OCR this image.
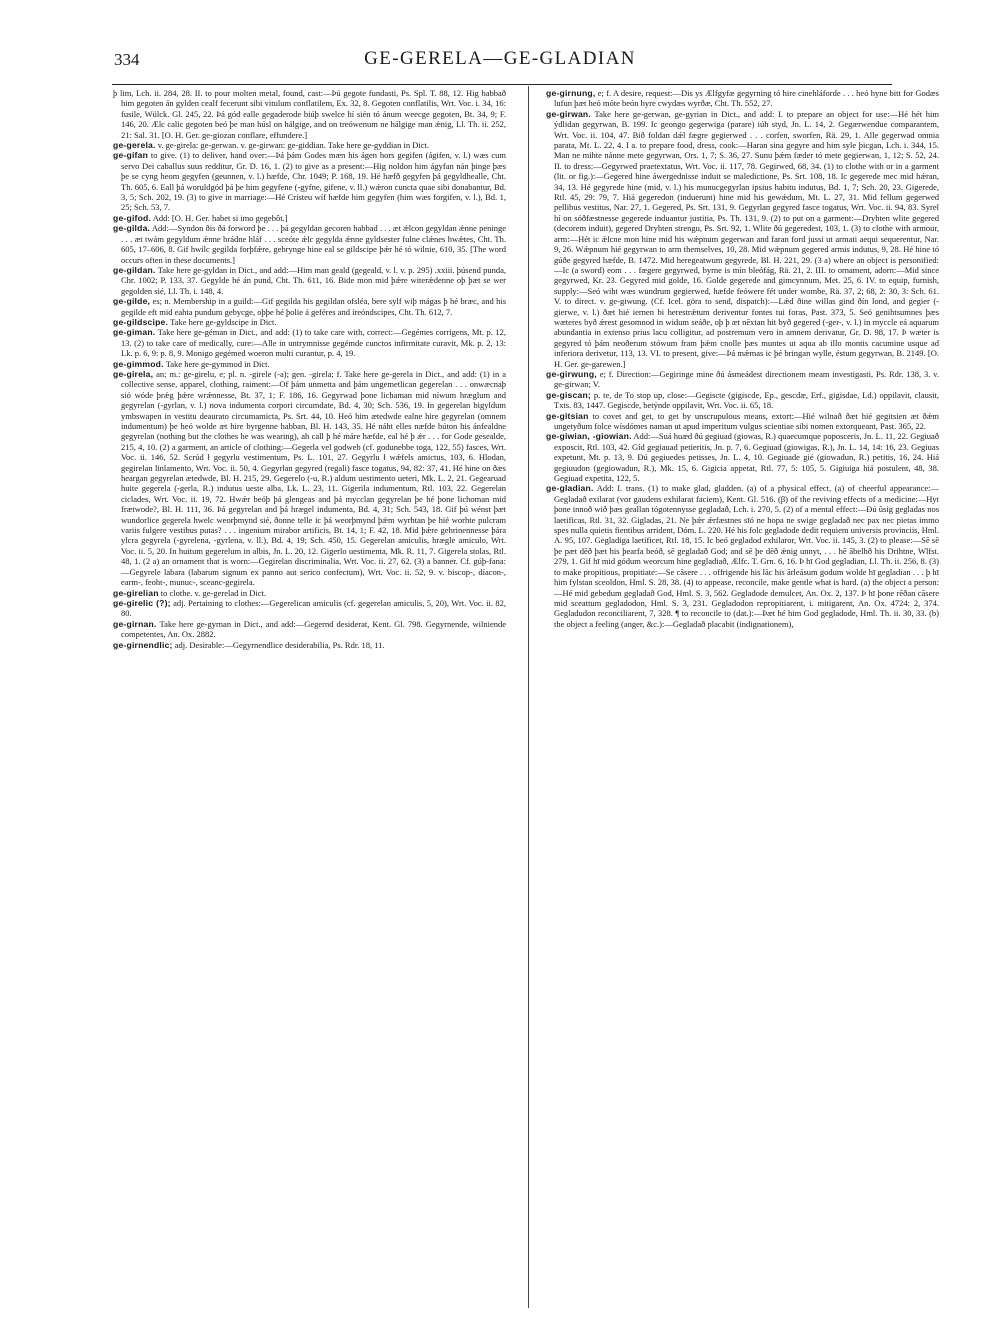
334	GE-GERELA—GE-GLADIAN

þ lim, Lch. ii. 284, 28. II. to pour molten metal, found, cast:—Þú gegote fundasti, Ps. Spl. T. 88, 12. Hig habbað him gegoten án gylden cealf fecerunt sibi vitulum conflatilem, Ex. 32, 8. Gegoten conflatilis, Wrt. Voc. i. 34, 16: fusile, Wülck. Gl. 245, 22. Þá gód ealle gegaderode biúþ swelce hí sién tó ánum weecge gegoten, Bt. 34, 9; F. 146, 20. Ælc calic gegoten beó þe man húsl on hálgige, and on treówenum ne hálgige man ǽnig, Ll. Th. ii. 252, 21: Sal. 31. [O. H. Ger. ge-giozan conflare, effundere.]

ge-gerela. v. ge-girela: ge-gerwan. v. ge-girwan: ge-giddian. Take here ge-gyddian in Dict.

ge-gifan to give. (1) to deliver, hand over:—Þá þám Godes mæn his ágen hors gegifen (ágifen, v. l.) wæs cum servo Dei caballus suus redditur, Gr. D. 16, 1. (2) to give as a present:—Hig noldon him ágyfan nán þinge þæs þe se cyng heom gegyfen (geunnen, v. l.) hæfde, Chr. 1049; P. 168, 19. Hé hæfð gegyfen þá gegyldhealle, Cht. Th. 605, 6. Eall þá woruldgód þá þe him gegyfene (-gyfne, gifene, v. ll.) wǽron cuncta quae sibi donabantur, Bd. 3, 5; Sch. 202, 19. (3) to give in marriage:—Hé Cristeu wíf hæfde him gegyfen (him wæs forgifen, v. l.), Bd. 1, 25; Sch. 53, 7.

ge-gifod. Add: [O. H. Ger. habet si imo gegebôt.]

ge-gilda. Add:—Syndon ðis ðá forword þe . . . þá gegyldan gecoren habbad . . . æt ǽlcon gegyldan ǽnne peninge . . . æt twám gegyldum ǽnne brádne hláf . . . sceóte ǽlc gegylda ǽnne gyldsester fulne clǽnes hwǽtes, Cht. Th. 605, 17–606, 8. Gif hwilc gegilda forþfǽre, gebrynge hine eal se gildscipe þǽr hé tó wilnie, 610, 35. [The word occurs often in these documents.]

ge-gildan. Take here ge-gyldan in Dict., and add:—Him man geald (gegeald, v. l. v. p. 295) .xxiii. þúsend punda, Chr. 1002; P. 133, 37. Gegylde hé án pund, Cht. Th. 611, 16. Bide mon mid þǽre witerǽdenne oþ þæt se wer gegolden sié, Ll. Th. i. 148, 4.

ge-gilde, es; n. Membership in a guild:—Gif gegilda his gegildan ofsléa, bere sylf wiþ mágas þ hé bræc, and his gegilde eft mid eahta pundum gebycge, oþþe hé þolie á geféres and íreóndscipes, Cht. Th. 612, 7.

ge-gildscipe. Take here ge-gyldscipe in Dict.

ge-giman. Take here ge-géman in Dict., and add: (1) to take care with, correct:—Gegémes corrigens, Mt. p. 12, 13. (2) to take care of medically, cure:—Alle in untrymnisse gegémde cunctos infirmitate curavit, Mk. p. 2, 13: Lk. p. 6, 9: p. 8, 9. Monigo gegémed woeron multi curantur, p. 4, 19.

ge-gimmod. Take here ge-gymmod in Dict.

ge-girela, an; m.: ge-girelu, e; pl. n. -girele (-a); gen. -girela; f. Take here ge-gerela in Dict., and add: (1) in a collective sense, apparel, clothing, raiment:—Of þám unmetta and þám ungemetlican gegerelan . . . onwæcnaþ sió wóde þrǽg þǽre wrǽnnesse, Bt. 37, 1; F. 186, 16. Gegyrwad þone lichaman mid níwum hræglum and gegyrelan (-gyrlan, v. l.) nova indumenta corpori circumdate, Bd. 4, 30; Sch. 536, 19. In gegerelan bigyldum ymbswapen in vestitu deaurato circumamicta, Ps. Srt. 44, 10. Heó him ætedwde ealne hire gegyrelan (omnem indumentum) þe heó wolde æt hire byrgenne habban, Bl. H. 143, 35. Hé náht elles næfde búton his ánfealdne gegyrelan (nothing but the clothes he was wearing), ah call þ hé máre hæfde, eal hé þ ǽr . . . for Gode gesealde, 215, 4, 10. (2) a garment, an article of clothing:—Gegerla vel godweb (cf. godunebbe toga, 122, 55) fasces, Wrt. Voc. ii. 146, 52. Scrúd ł gegyrlu vestimentum, Ps. L. 101, 27. Gegyrlu ł wǽfels amictus, 103, 6. Hlodan, gegirelan linlamento, Wrt. Voc. ii. 50, 4. Gegyrlan gegyred (regali) fasce togatus, 94, 82: 37, 41. Hé hine on ðæs heargan gegyrelan ætedwde, Bl. H. 215, 29. Gegerelo (-u, R.) aldum uestimento ueteri, Mk. L. 2, 21. Gegearuad huite gegerela (-gerla, R.) indutus ueste alba, Lk. L. 23, 11. Gigerila indumentum, Rtl. 103, 22. Gegerelan ciclades, Wrt. Voc. ii. 19, 72. Hwǽr beóþ þá glengeas and þá mycclan gegyrelan þe hé þone lichoman mid frætwode?, Bl. H. 111, 36. Þá gegyrelan and þá hrægel indumenta, Bd. 4, 31; Sch. 543, 18. Gif þú wénst þæt wundorlice gegerela hwelc weorþmynd sié, ðonne telle ic þá weorþmynd þǽm wyrhtan þe hié worhte pulcram variis fulgere vestibus putas? . . . ingenium mirabor artificis, Bt. 14, 1; F. 42, 18. Mid þǽre gehrinennesse þára ylcra gegyrela (-gyrelena, -gyrlena, v. ll.), Bd. 4, 19; Sch. 450, 15. Gegerelan amiculis, hrægle amiculo, Wrt. Voc. ii. 5, 20. In huitum gegerelum in albis, Jn. L. 20, 12. Gigerlo uestimenta, Mk. R. 11, 7. Gigerela stolas, Rtl. 48, 1. (2 a) an ornament that is worn:—Gegirelan discriminalia, Wrt. Voc. ii. 27, 62. (3) a banner. Cf. gúþ-fana:—Gegyrele labara (labarum signum ex panno aut serico confectum), Wrt. Voc. ii. 52, 9. v. biscop-, díacon-, earm-, feoht-, munuc-, sceanc-gegirela.

ge-girelian to clothe. v. ge-gerelad in Dict.

ge-girelic (?); adj. Pertaining to clothes:—Gegerelican amiculis (cf. gegerelan amiculis, 5, 20), Wrt. Voc. ii. 82, 80.

ge-girnan. Take here ge-gyrnan in Dict., and add:—Gegernd desiderat, Kent. Gl. 798. Gegyrnende, wilniende competentes, An. Ox. 2882.

ge-girnendlic; adj. Desirable:—Gegyrnendlice desiderabilia, Ps. Rdr. 18, 11.

ge-girnung, e; f. A desire, request:—Dis ys Ælfgyfæ gegyrning tó hire cinehláforde . . . heó hyne bitt for Godæs lufun þæt heó móte beón hyre cwydæs wyrðæ, Cht. Th. 552, 27.

ge-girwan. Take here ge-gerwan, ge-gyrian in Dict., and add: I. to prepare an object for use:—Hé hét him ýdlidan gegyrwan, B. 199. Ic geongo gegerwiga (parare) iúh styd, Jn. L. 14, 2. Gegærwendue comparantem, Wrt. Voc. ii. 104, 47. Bið foldan dǽl fægre gegierwed . . . corfen, sworfen, Rä. 29, 1. Alle gegerwad omnia parata, Mt. L. 22, 4. I a. to prepare food, dress, cook:—Haran sina gegyre and him syle þicgan, Lch. i. 344, 15. Man ne mihte nánne mete gegyrwan, Ors. 1, 7; S. 36, 27. Sunu þǽm fæder tó mete gegierwan, 1, 12; S. 52, 24. II. to dress:—Gegyrwed praetextatus, Wrt. Voc. ii. 117, 78. Gegirwed, 68, 34. (1) to clothe with or in a garment (lit. or fig.):—Gegered hine áwergednisse induit se maledictione, Ps. Srt. 108, 18. Ic gegerede mec mid hǽran, 34, 13. Hé gegyrede hine (mid, v. l.) his munucgegyrlan ipsius habitu indutus, Bd. 1, 7; Sch. 20, 23. Gigerede, Rtl. 45, 29: 79, 7. Hiá gegeredon (induerunt) hine mid his gewǽdum, Mt. L. 27, 31. Mid fellum gegerwed pellibus vestitus, Nar. 27, 1. Gegered, Ps. Srt. 131, 9. Gegyrlan gegyred fasce togatus, Wrt. Voc. ii. 94, 83. Syrel hí on sóðfæstnesse gegerede induantur justitia, Ps. Th. 131, 9. (2) to put on a garment:—Dryhten wlite gegered (decorem induit), gegered Dryhten strengu, Ps. Srt. 92, 1. Wlite ðú gegeredest, 103, 1. (3) to clothe with armour, arm:—Hét ic ǽlcne mon hine mid his wǽpnum gegerwan and faran ford jussi ut armati aequi sequerentur, Nar. 9, 26. Wǽpnum hié gegyrwan to arm themselves, 10, 28. Mid wǽpnum gegered armis indutus, 9, 28. Hé hine tó gúðe gegyred hæfde, B. 1472. Mid heregeatwum gegyrede, Bl. H. 221, 29. (3 a) where an object is personified:—Ic (a sword) eom . . . fægere gegyrwed, byrne is mín bleófág, Rä. 21, 2. III. to ornament, adorn:—Mid since gegyrwed, Kr. 23. Gegyred mid golde, 16. Golde gegerede and gimcynnum, Met. 25, 6. IV. to equip, furnish, supply:—Seó wiht wæs wundrum gegierwed, hæfde feówere fét under wombe, Rä. 37, 2; 68, 2: 30, 3: Sch. 61. V. to direct. v. ge-giwung. (Cf. Icel. göra to send, dispatch):—Lǽd ðine willas gind ðín lond, and gegier (-gierwe, v. l.) ðæt hié iernen bi herestrǽtum deriventur fontes tui foras, Past. 373, 5. Seó genihtsumnes þæs wæteres byð ǽrest gesomnod in widum seáðe, oþ þ æt nēxtan hit byð gegered (-ger-, v. l.) in myccle eá aquarum abundantia in extenso prius lacu colligitur, ad postremum vero in amnem derivatur, Gr. D. 98, 17. Þ wæter is gegyred tó þám neoðerum stówum fram þǽm cnolle þæs muntes ut aqua ab illo montis cacumine usque ad inferiora derivetur, 113, 13. VI. to present, give:—Þá mǽmas ic þé bringan wylle, éstum gegyrwan, B. 2149. [O. H. Ger. ge-garewen.]

ge-girwung, e; f. Direction:—Gegiringe mine ðú ásmeádest directionem meam investigasti, Ps. Rdr. 138, 3. v. ge-girwan; V.

ge-giscan; p. te, de To stop up, close:—Gegiscte (gigiscde, Ep., gescdæ, Erf., gigisdae, Ld.) oppilavit, clausit, Txts. 83, 1447. Gegiscde, betýnde oppilavit, Wrt. Voc. ii. 65, 18.

ge-gitsian to covet and get, to get by unscrupulous means, extort:—Hié wilnað ðæt hié gegitsien æt ðǽm ungetyðum folce wísdómes naman ut apud imperitum vulgus scientiae sibi nomen extorqueant, Past. 365, 22.

ge-giwian, -giowian. Add:—Suá huæd ðú gegiuad (giowas, R.) quaecumque poposceris, Jn. L. 11, 22. Gegiuað exposcit, Rtl. 103, 42. Gíd gegiauad petieritis, Jn. p. 7, 6. Gegiuad (giowigas, R.), Jn. L. 14, 14: 16, 23. Gegiuas expetunt, Mt. p. 13, 9. Ðú gegiuedes petisses, Jn. L. 4, 10. Gegiuade gié (giowadun, R.) petitis, 16, 24. Hiá gegiuudon (gegiowadun, R.), Mk. 15, 6. Gigicia appetat, Rtl. 77, 5: 105, 5. Gigiuiga hiá postulent, 48, 38. Gegiuad expetita, 122, 5.

ge-gladian. Add: I. trans. (1) to make glad, gladden. (a) of a physical effect, (a) of cheerful appearance:—Gegladað exilarat (vor gaudens exhilarat faciem), Kent. Gl. 516. (β) of the reviving effects of a medicine:—Hyt þone innoð wið þæs geallan tógotennysse gegladað, Lch. i. 270, 5. (2) of a mental effect:—Ðú ūsig gegladas nos laetificas, Rtl. 31, 32. Gigladas, 21. Ne þǽr ǽrfæstnes sīó ne hopa ne swige gegladað nec pax nec pietas immo spes nulla quietis fientibus arrident, Dóm. L. 220. Hé his folc gegladode dedit requiem universis provinciis, Hml. A. 95, 107. Gegladiga laetificet, Rtl. 18, 15. Ic beó gegladod exhilaror, Wrt. Voc. ii. 145, 3. (2) to please:—Sē sē þe pæt dēð þæt his þearfa beóð, sē gegladað God; and sē þe dēð ǽnig unnyt, . . . hē ābelhð his Drihtne, Wlfst. 279, 1. Gif hī mid gódum weorcum hine gegladiað, Ælfc. T. Grn. 6, 16. Þ hī God gegladian, Ll. Th. ii. 256, 8. (3) to make propitious, propitiate:—Se cāsere . . . offrigende his lāc his ārleásum godum wolde hī gegladian . . . þ hī him fylstan sceoldon, Hml. S. 28, 38. (4) to appease, reconcile, make gentle what is hard. (a) the object a person:—Hé mid gebedum gegladað God, Hml. S. 3, 562. Gegladode demulcet, An. Ox. 2, 137. Þ hī þone rēðan cāsere mid sceattum gegladodon, Hml. S. 3, 231. Gegladodon repropitiarent, i. mitigarent, An. Ox. 4724: 2, 374. Gegladudon reconciliarent, 7, 328. ¶ to reconcile to (dat.):—Þæt hé him God gegladode, Hml. Th. ii. 30, 33. (b) the object a feeling (anger, &c.):—Gegladað placabit (indignationem),
